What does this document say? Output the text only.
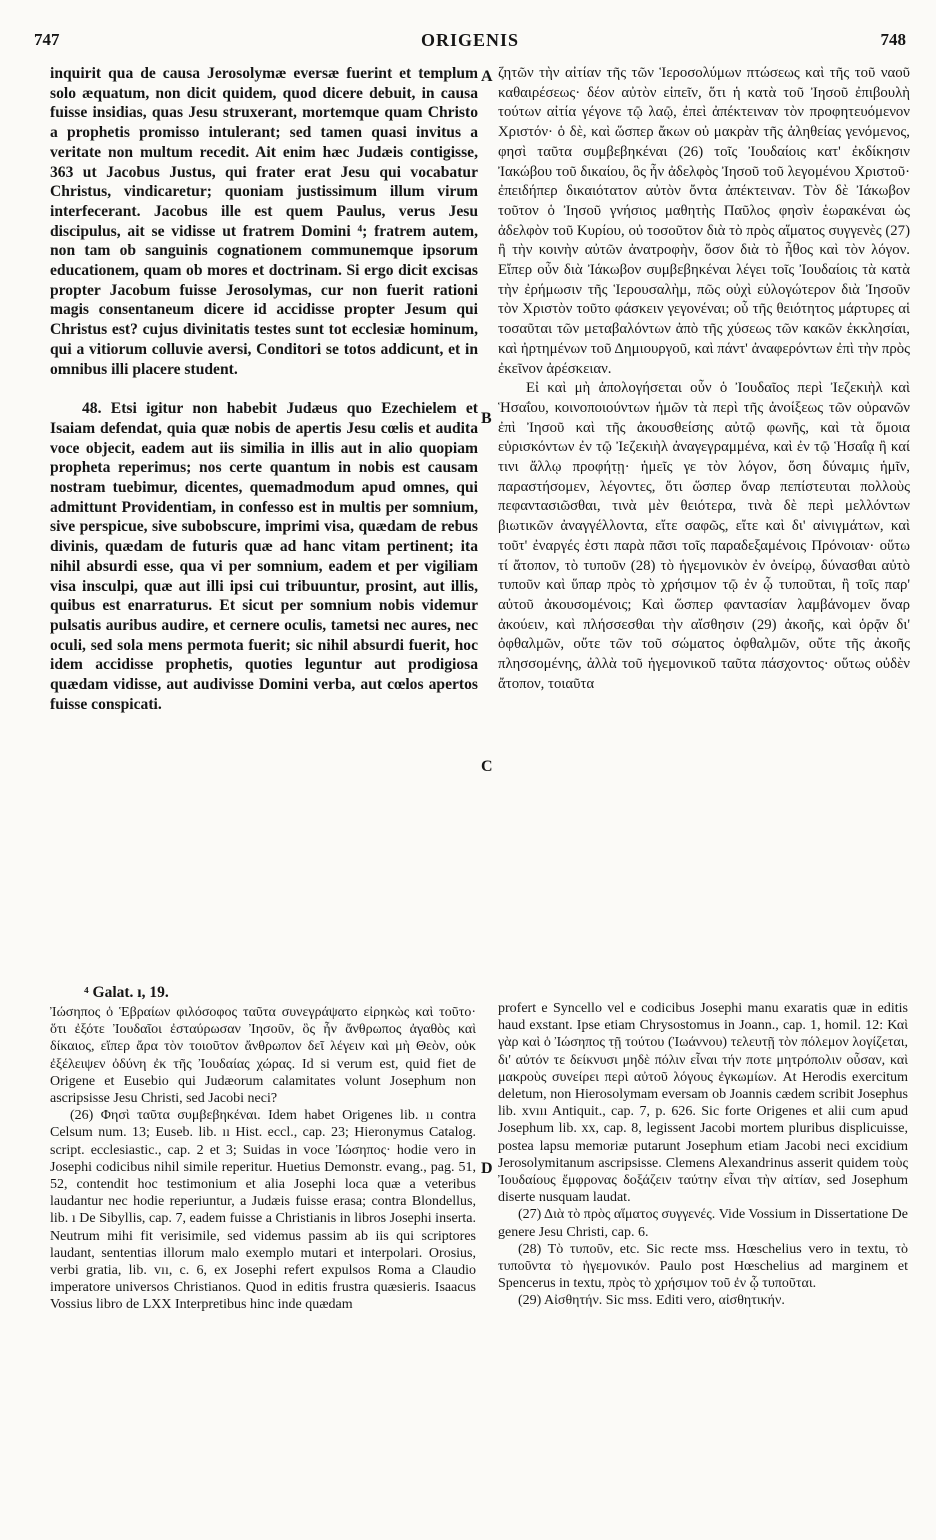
747	ORIGENIS	748

inquirit qua de causa Jerosolymæ eversæ fuerint et templum solo æquatum, non dicit quidem, quod dicere debuit, in causa fuisse insidias, quas Jesu struxerant, mortemque quam Christo a prophetis promisso intulerant; sed tamen quasi invitus a veritate non multum recedit. Ait enim hæc Judæis contigisse, 363 ut Jacobus Justus, qui frater erat Jesu qui vocabatur Christus, vindicaretur; quoniam justissimum illum virum interfecerant. Jacobus ille est quem Paulus, verus Jesu discipulus, ait se vidisse ut fratrem Domini ⁴; fratrem autem, non tam ob sanguinis cognationem communemque ipsorum educationem, quam ob mores et doctrinam. Si ergo dicit excisas propter Jacobum fuisse Jerosolymas, cur non fuerit rationi magis consentaneum dicere id accidisse propter Jesum qui Christus est? cujus divinitatis testes sunt tot ecclesiæ hominum, qui a vitiorum colluvie aversi, Conditori se totos addicunt, et in omnibus illi placere student.

48. Etsi igitur non habebit Judæus quo Ezechielem et Isaiam defendat, quia quæ nobis de apertis Jesu cœlis et audita voce objecit, eadem aut iis similia in illis aut in alio quopiam propheta reperimus; nos certe quantum in nobis est causam nostram tuebimur, dicentes, quemadmodum apud omnes, qui admittunt Providentiam, in confesso est in multis per somnium, sive perspicue, sive subobscure, imprimi visa, quædam de rebus divinis, quædam de futuris quæ ad hanc vitam pertinent; ita nihil absurdi esse, qua vi per somnium, eadem et per vigiliam visa insculpi, quæ aut illi ipsi cui tribuuntur, prosint, aut illis, quibus est enarraturus. Et sicut per somnium nobis videmur pulsatis auribus audire, et cernere oculis, tametsi nec aures, nec oculi, sed sola mens permota fuerit; sic nihil absurdi fuerit, hoc idem accidisse prophetis, quoties leguntur aut prodigiosa quædam vidisse, aut audivisse Domini verba, aut cœlos apertos fuisse conspicati.

A
B
C
D

ζητῶν τὴν αἰτίαν τῆς τῶν Ἱεροσολύμων πτώσεως καὶ τῆς τοῦ ναοῦ καθαιρέσεως· δέον αὐτὸν εἰπεῖν, ὅτι ἡ κατὰ τοῦ Ἰησοῦ ἐπιβουλὴ τούτων αἰτία γέγονε τῷ λαῷ, ἐπεὶ ἀπέκτειναν τὸν προφητευόμενον Χριστόν· ὁ δὲ, καὶ ὥσπερ ἄκων οὐ μακρὰν τῆς ἀληθείας γενόμενος, φησὶ ταῦτα συμβεβηκέναι (26) τοῖς Ἰουδαίοις κατ' ἐκδίκησιν Ἰακώβου τοῦ δικαίου, ὃς ἦν ἀδελφὸς Ἰησοῦ τοῦ λεγομένου Χριστοῦ· ἐπειδήπερ δικαιότατον αὐτὸν ὄντα ἀπέκτειναν. Τὸν δὲ Ἰάκωβον τοῦτον ὁ Ἰησοῦ γνήσιος μαθητὴς Παῦλος φησὶν ἑωρακέναι ὡς ἀδελφὸν τοῦ Κυρίου, οὐ τοσοῦτον διὰ τὸ πρὸς αἵματος συγγενὲς (27) ἢ τὴν κοινὴν αὐτῶν ἀνατροφὴν, ὅσον διὰ τὸ ἦθος καὶ τὸν λόγον. Εἴπερ οὖν διὰ Ἰάκωβον συμβεβηκέναι λέγει τοῖς Ἰουδαίοις τὰ κατὰ τὴν ἐρήμωσιν τῆς Ἱερουσαλὴμ, πῶς οὐχὶ εὐλογώτερον διὰ Ἰησοῦν τὸν Χριστὸν τοῦτο φάσκειν γεγονέναι; οὗ τῆς θειότητος μάρτυρες αἱ τοσαῦται τῶν μεταβαλόντων ἀπὸ τῆς χύσεως τῶν κακῶν ἐκκλησίαι, καὶ ἠρτημένων τοῦ Δημιουργοῦ, καὶ πάντ' ἀναφερόντων ἐπὶ τὴν πρὸς ἐκεῖνον ἀρέσκειαν.

Εἰ καὶ μὴ ἀπολογήσεται οὖν ὁ Ἰουδαῖος περὶ Ἰεζεκιὴλ καὶ Ἡσαΐου, κοινοποιούντων ἡμῶν τὰ περὶ τῆς ἀνοίξεως τῶν οὐρανῶν ἐπὶ Ἰησοῦ καὶ τῆς ἀκουσθείσης αὐτῷ φωνῆς, καὶ τὰ ὅμοια εὑρισκόντων ἐν τῷ Ἰεζεκιὴλ ἀναγεγραμμένα, καὶ ἐν τῷ Ἡσαΐᾳ ἢ καί τινι ἄλλῳ προφήτῃ· ἡμεῖς γε τὸν λόγον, ὅση δύναμις ἡμῖν, παραστήσομεν, λέγοντες, ὅτι ὥσπερ ὄναρ πεπίστευται πολλοὺς πεφαντασιῶσθαι, τινὰ μὲν θειότερα, τινὰ δὲ περὶ μελλόντων βιωτικῶν ἀναγγέλλοντα, εἴτε σαφῶς, εἴτε καὶ δι' αἰνιγμάτων, καὶ τοῦτ' ἐναργές ἐστι παρὰ πᾶσι τοῖς παραδεξαμένοις Πρόνοιαν· οὕτω τί ἄτοπον, τὸ τυποῦν (28) τὸ ἡγεμονικὸν ἐν ὀνείρῳ, δύνασθαι αὐτὸ τυποῦν καὶ ὕπαρ πρὸς τὸ χρήσιμον τῷ ἐν ᾧ τυποῦται, ἢ τοῖς παρ' αὐτοῦ ἀκουσομένοις; Καὶ ὥσπερ φαντασίαν λαμβάνομεν ὄναρ ἀκούειν, καὶ πλήσσεσθαι τὴν αἴσθησιν (29) ἀκοῆς, καὶ ὁρᾷν δι' ὀφθαλμῶν, οὔτε τῶν τοῦ σώματος ὀφθαλμῶν, οὔτε τῆς ἀκοῆς πλησσομένης, ἀλλὰ τοῦ ἡγεμονικοῦ ταῦτα πάσχοντος· οὕτως οὐδὲν ἄτοπον, τοιαῦτα

⁴ Galat. ı, 19.

Ἰώσηπος ὁ Ἑβραίων φιλόσοφος ταῦτα συνεγράψατο εἰρηκὼς καὶ τοῦτο· ὅτι ἐξότε Ἰουδαῖοι ἐσταύρωσαν Ἰησοῦν, ὃς ἦν ἄνθρωπος ἀγαθὸς καὶ δίκαιος, εἴπερ ἄρα τὸν τοιοῦτον ἄνθρωπον δεῖ λέγειν καὶ μὴ Θεὸν, οὐκ ἐξέλειψεν ὀδύνη ἐκ τῆς Ἰουδαίας χώρας. Id si verum est, quid fiet de Origene et Eusebio qui Judæorum calamitates volunt Josephum non ascripsisse Jesu Christi, sed Jacobi neci?

(26) Φησὶ ταῦτα συμβεβηκέναι. Idem habet Origenes lib. ıı contra Celsum num. 13; Euseb. lib. ıı Hist. eccl., cap. 23; Hieronymus Catalog. script. ecclesiastic., cap. 2 et 3; Suidas in voce Ἰώσηπος· hodie vero in Josephi codicibus nihil simile reperitur. Huetius Demonstr. evang., pag. 51, 52, contendit hoc testimonium et alia Josephi loca quæ a veteribus laudantur nec hodie reperiuntur, a Judæis fuisse erasa; contra Blondellus, lib. ı De Sibyllis, cap. 7, eadem fuisse a Christianis in libros Josephi inserta. Neutrum mihi fit verisimile, sed videmus passim ab iis qui scriptores laudant, sententias illorum malo exemplo mutari et interpolari. Orosius, verbi gratia, lib. vıı, c. 6, ex Josephi refert expulsos Roma a Claudio imperatore universos Christianos. Quod in editis frustra quæsieris. Isaacus Vossius libro de LXX Interpretibus hinc inde quædam

profert e Syncello vel e codicibus Josephi manu exaratis quæ in editis haud exstant. Ipse etiam Chrysostomus in Joann., cap. 1, homil. 12: Καὶ γὰρ καὶ ὁ Ἰώσηπος τῇ τούτου (Ἰωάννου) τελευτῇ τὸν πόλεμον λογίζεται, δι' αὐτόν τε δείκνυσι μηδὲ πόλιν εἶναι τήν ποτε μητρόπολιν οὖσαν, καὶ μακροὺς συνείρει περὶ αὐτοῦ λόγους ἐγκωμίων. At Herodis exercitum deletum, non Hierosolymam eversam ob Joannis cædem scribit Josephus lib. xvııı Antiquit., cap. 7, p. 626. Sic forte Origenes et alii cum apud Josephum lib. xx, cap. 8, legissent Jacobi mortem pluribus displicuisse, postea lapsu memoriæ putarunt Josephum etiam Jacobi neci excidium Jerosolymitanum ascripsisse. Clemens Alexandrinus asserit quidem τοὺς Ἰουδαίους ἔμφρονας δοξάζειν ταύτην εἶναι τὴν αἰτίαν, sed Josephum diserte nusquam laudat.

(27) Διὰ τὸ πρὸς αἵματος συγγενές. Vide Vossium in Dissertatione De genere Jesu Christi, cap. 6.

(28) Τὸ τυποῦν, etc. Sic recte mss. Hœschelius vero in textu, τὸ τυποῦντα τὸ ἡγεμονικόν. Paulo post Hœschelius ad marginem et Spencerus in textu, πρὸς τὸ χρήσιμον τοῦ ἐν ᾧ τυποῦται.

(29) Αἰσθητήν. Sic mss. Editi vero, αἰσθητικήν.
